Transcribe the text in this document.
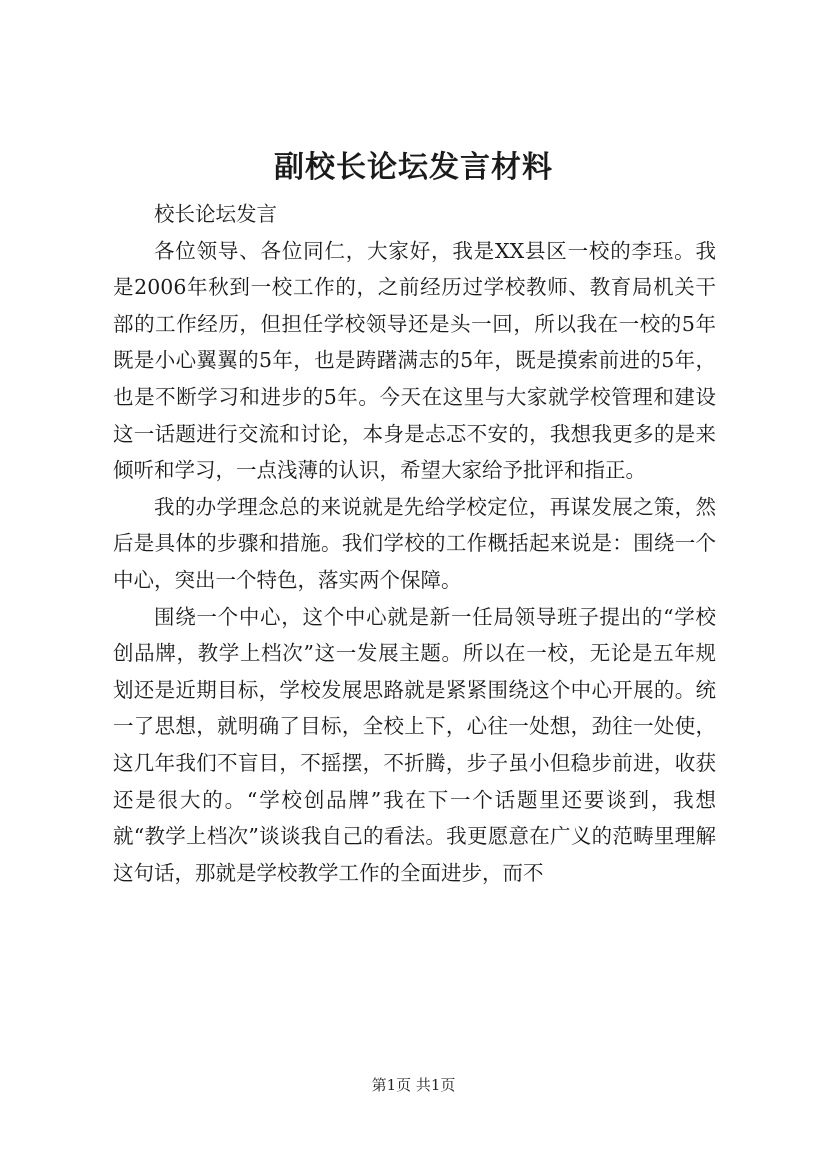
副校长论坛发言材料

校长论坛发言

各位领导、各位同仁，大家好，我是XX县区一校的李珏。我是2006年秋到一校工作的，之前经历过学校教师、教育局机关干部的工作经历，但担任学校领导还是头一回，所以我在一校的5年既是小心翼翼的5年，也是踌躇满志的5年，既是摸索前进的5年，也是不断学习和进步的5年。今天在这里与大家就学校管理和建设这一话题进行交流和讨论，本身是忐忑不安的，我想我更多的是来倾听和学习，一点浅薄的认识，希望大家给予批评和指正。

我的办学理念总的来说就是先给学校定位，再谋发展之策，然后是具体的步骤和措施。我们学校的工作概括起来说是：围绕一个中心，突出一个特色，落实两个保障。

围绕一个中心，这个中心就是新一任局领导班子提出的“学校创品牌，教学上档次”这一发展主题。所以在一校，无论是五年规划还是近期目标，学校发展思路就是紧紧围绕这个中心开展的。统一了思想，就明确了目标，全校上下，心往一处想，劲往一处使，这几年我们不盲目，不摇摆，不折腾，步子虽小但稳步前进，收获还是很大的。“学校创品牌”我在下一个话题里还要谈到，我想就“教学上档次”谈谈我自己的看法。我更愿意在广义的范畴里理解这句话，那就是学校教学工作的全面进步，而不

第1页 共1页
